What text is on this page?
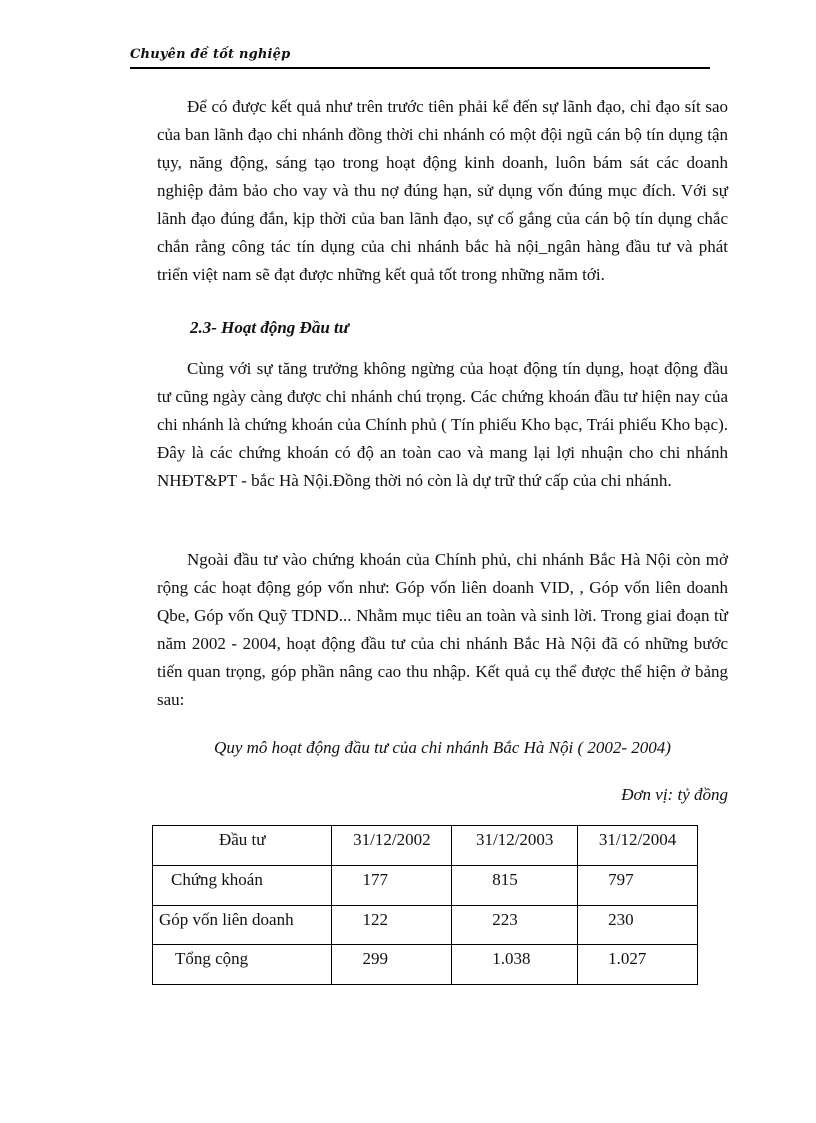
Chuyên đề tốt nghiệp

Để có được kết quả như trên trước tiên phải kể đến sự lãnh đạo, chỉ đạo sít sao của ban lãnh đạo chi nhánh đồng thời chi nhánh có một đội ngũ cán bộ tín dụng tận tụy, năng động, sáng tạo trong hoạt động kinh doanh, luôn bám sát các doanh nghiệp đảm bảo cho vay và thu nợ đúng hạn, sử dụng vốn đúng mục đích. Với sự lãnh đạo đúng đắn, kịp thời của ban lãnh đạo, sự cố gắng của cán bộ tín dụng chắc chắn rằng công tác tín dụng của chi nhánh bắc hà nội_ngân hàng đầu tư và phát triển việt nam sẽ đạt được những kết quả tốt trong những năm tới.

2.3- Hoạt động Đầu tư

Cùng với sự tăng trưởng không ngừng của hoạt động tín dụng, hoạt động đầu tư cũng ngày càng được chi nhánh chú trọng. Các chứng khoán đầu tư hiện nay của chi nhánh là chứng khoán của Chính phủ ( Tín phiếu Kho bạc, Trái phiếu Kho bạc). Đây là các chứng khoán có độ an toàn cao và mang lại lợi nhuận cho chi nhánh NHĐT&PT - bắc Hà Nội.Đồng thời nó còn là dự trữ thứ cấp của chi nhánh.

Ngoài đầu tư vào chứng khoán của Chính phủ, chi nhánh Bắc Hà Nội còn mở rộng các hoạt động góp vốn như: Góp vốn liên doanh VID, , Góp vốn liên doanh Qbe, Góp vốn Quỹ TDND... Nhằm mục tiêu an toàn và sinh lời. Trong giai đoạn từ năm 2002 - 2004, hoạt động đầu tư của chi nhánh Bắc Hà Nội đã có những bước tiến quan trọng, góp phần nâng cao thu nhập. Kết quả cụ thể được thể hiện ở bảng sau:

Quy mô hoạt động đầu tư của chi nhánh Bắc Hà Nội ( 2002- 2004)
Đơn vị: tỷ đồng
Đầu tư	31/12/2002	31/12/2003	31/12/2004
Chứng khoán	177	815	797
Góp vốn liên doanh	122	223	230
Tổng cộng	299	1.038	1.027
